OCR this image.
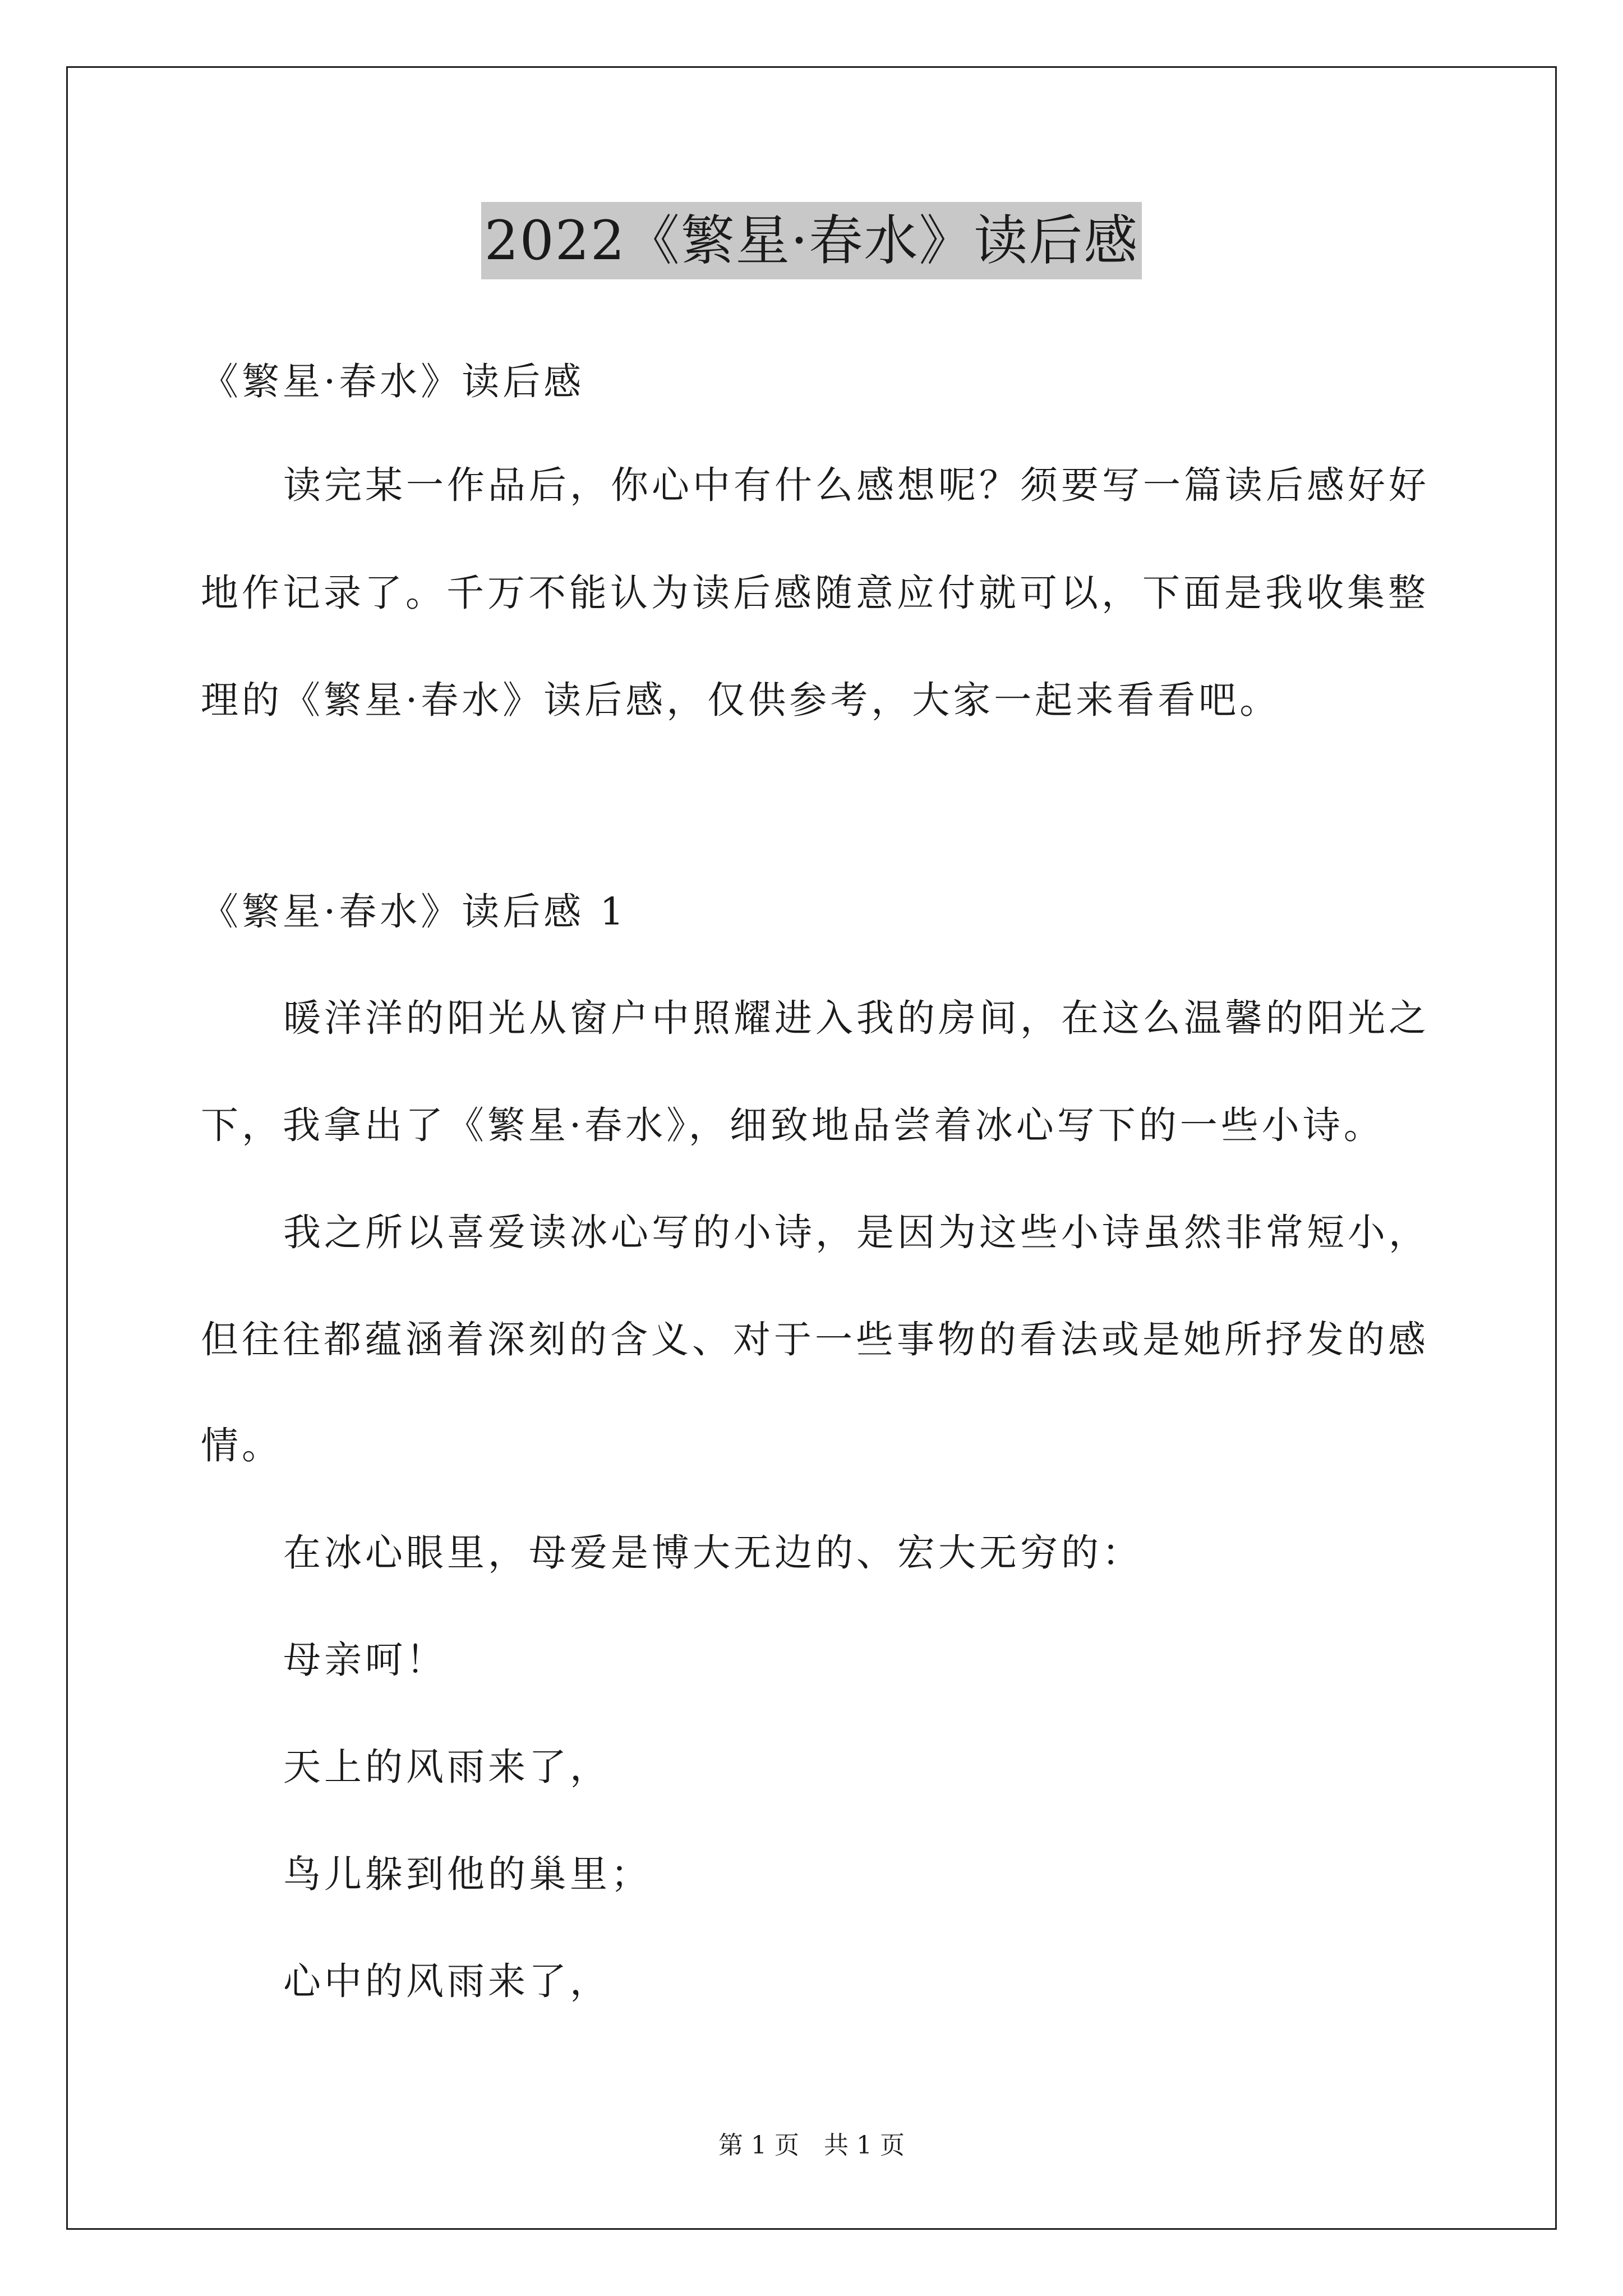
2022《繁星·春水》读后感
《繁星·春水》读后感
读完某一作品后，你心中有什么感想呢？须要写一篇读后感好好
地作记录了。千万不能认为读后感随意应付就可以，下面是我收集整
理的《繁星·春水》读后感，仅供参考，大家一起来看看吧。
《繁星·春水》读后感 1
暖洋洋的阳光从窗户中照耀进入我的房间，在这么温馨的阳光之
下，我拿出了《繁星·春水》，细致地品尝着冰心写下的一些小诗。
我之所以喜爱读冰心写的小诗，是因为这些小诗虽然非常短小，
但往往都蕴涵着深刻的含义、对于一些事物的看法或是她所抒发的感
情。
在冰心眼里，母爱是博大无边的、宏大无穷的：
母亲呵！
天上的风雨来了，
鸟儿躲到他的巢里；
心中的风雨来了，
第 1 页　共 1 页
